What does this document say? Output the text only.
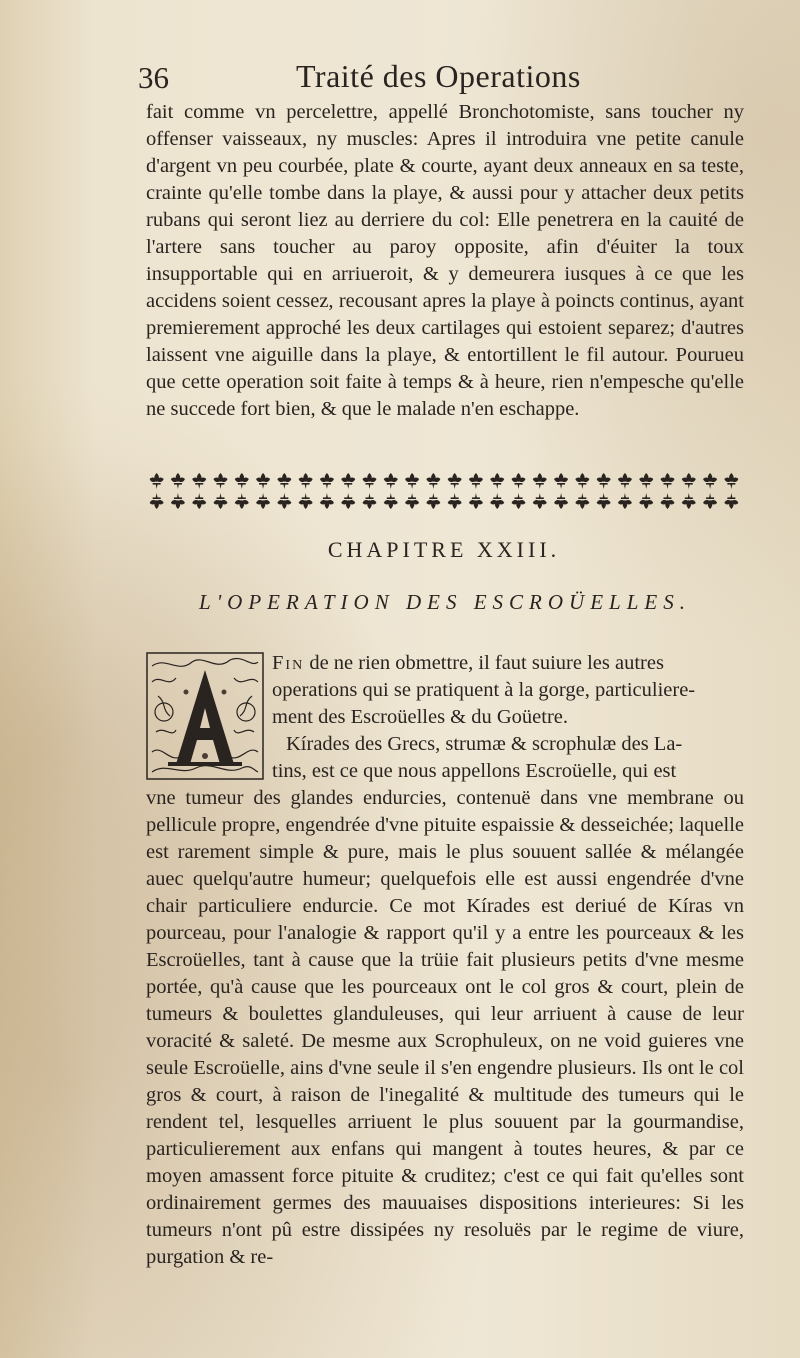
36	Traité des Operations

fait comme vn percelettre, appellé Bronchotomiste, sans toucher ny offenser vaisseaux, ny muscles: Apres il introduira vne petite canule d'argent vn peu courbée, plate & courte, ayant deux anneaux en sa teste, crainte qu'elle tombe dans la playe, & aussi pour y attacher deux petits rubans qui seront liez au derriere du col: Elle penetrera en la cauité de l'artere sans toucher au paroy opposite, afin d'éuiter la toux insupportable qui en arriueroit, & y demeurera iusques à ce que les accidens soient cessez, recousant apres la playe à poincts continus, ayant premierement approché les deux cartilages qui estoient separez; d'autres laissent vne aiguille dans la playe, & entortillent le fil autour. Pourueu que cette operation soit faite à temps & à heure, rien n'empesche qu'elle ne succede fort bien, & que le malade n'en eschappe.

CHAPITRE XXIII.
L'OPERATION DES ESCROÜELLES.

Fin de ne rien obmettre, il faut suiure les autres

operations qui se pratiquent à la gorge, particuliere-

ment des Escroüelles & du Goüetre.

Kírades des Grecs, strumæ & scrophulæ des La-

tins, est ce que nous appellons Escroüelle, qui est

vne tumeur des glandes endurcies, contenuë dans vne membrane ou pellicule propre, engendrée d'vne pituite espaissie & desseichée; laquelle est rarement simple & pure, mais le plus souuent sallée & mélangée auec quelqu'autre humeur; quelquefois elle est aussi engendrée d'vne chair particuliere endurcie. Ce mot Kírades est deriué de Kíras vn pourceau, pour l'analogie & rapport qu'il y a entre les pourceaux & les Escroüelles, tant à cause que la trüie fait plusieurs petits d'vne mesme portée, qu'à cause que les pourceaux ont le col gros & court, plein de tumeurs & boulettes glanduleuses, qui leur arriuent à cause de leur voracité & saleté. De mesme aux Scrophuleux, on ne void guieres vne seule Escroüelle, ains d'vne seule il s'en engendre plusieurs. Ils ont le col gros & court, à raison de l'inegalité & multitude des tumeurs qui le rendent tel, lesquelles arriuent le plus souuent par la gourmandise, particulierement aux enfans qui mangent à toutes heures, & par ce moyen amassent force pituite & cruditez; c'est ce qui fait qu'elles sont ordinairement germes des mauuaises dispositions interieures: Si les tumeurs n'ont pû estre dissipées ny resoluës par le regime de viure, purgation & re-
